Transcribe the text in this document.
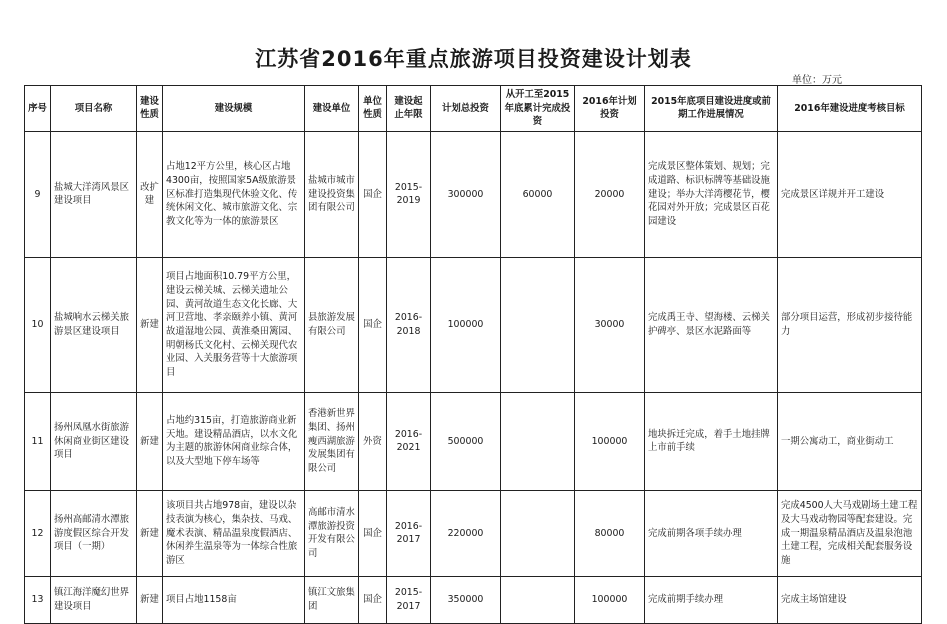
江苏省2016年重点旅游项目投资建设计划表
单位：万元
序号	项目名称	建设性质	建设规模	建设单位	单位性质	建设起止年限	计划总投资	从开工至2015年底累计完成投资	2016年计划投资	2015年底项目建设进度或前期工作进展情况	2016年建设进度考核目标
9	盐城大洋湾风景区建设项目	改扩建	占地12平方公里，核心区占地4300亩，按照国家5A级旅游景区标准打造集现代休验文化、传统休闲文化、城市旅游文化、宗教文化等为一体的旅游景区	盐城市城市建设投资集团有限公司	国企	2015-2019	300000	60000	20000	完成景区整体策划、规划；完成道路、标识标牌等基础设施建设；举办大洋湾樱花节，樱花园对外开放；完成景区百花园建设	完成景区详规并开工建设
10	盐城响水云梯关旅游景区建设项目	新建	项目占地面积10.79平方公里，建设云梯关城、云梯关遗址公园、黄河故道生态文化长廊、大河卫营地、孝亲颐养小镇、黄河故道湿地公园、黄淮桑田篱园、明朝杨氏文化村、云梯关现代农业园、入关服务营等十大旅游项目	县旅游发展有限公司	国企	2016-2018	100000		30000	完成禹王寺、望海楼、云梯关护碑亭、景区水泥路面等	部分项目运营，形成初步接待能力
11	扬州凤凰水街旅游休闲商业街区建设项目	新建	占地约315亩，打造旅游商业新天地。建设精品酒店，以水文化为主题的旅游休闲商业综合体，以及大型地下停车场等	香港新世界集团、扬州瘦西湖旅游发展集团有限公司	外资	2016-2021	500000		100000	地块拆迁完成，着手土地挂牌上市前手续	一期公寓动工，商业街动工
12	扬州高邮清水潭旅游度假区综合开发项目（一期）	新建	该项目共占地978亩，建设以杂技表演为核心，集杂技、马戏、魔术表演、精品温泉度假酒店、休闲养生温泉等为一体综合性旅游区	高邮市清水潭旅游投资开发有限公司	国企	2016-2017	220000		80000	完成前期各项手续办理	完成4500人大马戏剧场土建工程及大马戏动物园等配套建设。完成一期温泉精品酒店及温泉泡池土建工程，完成相关配套服务设施
13	镇江海洋魔幻世界建设项目	新建	项目占地1158亩	镇江文旅集团	国企	2015-2017	350000		100000	完成前期手续办理	完成主场馆建设
